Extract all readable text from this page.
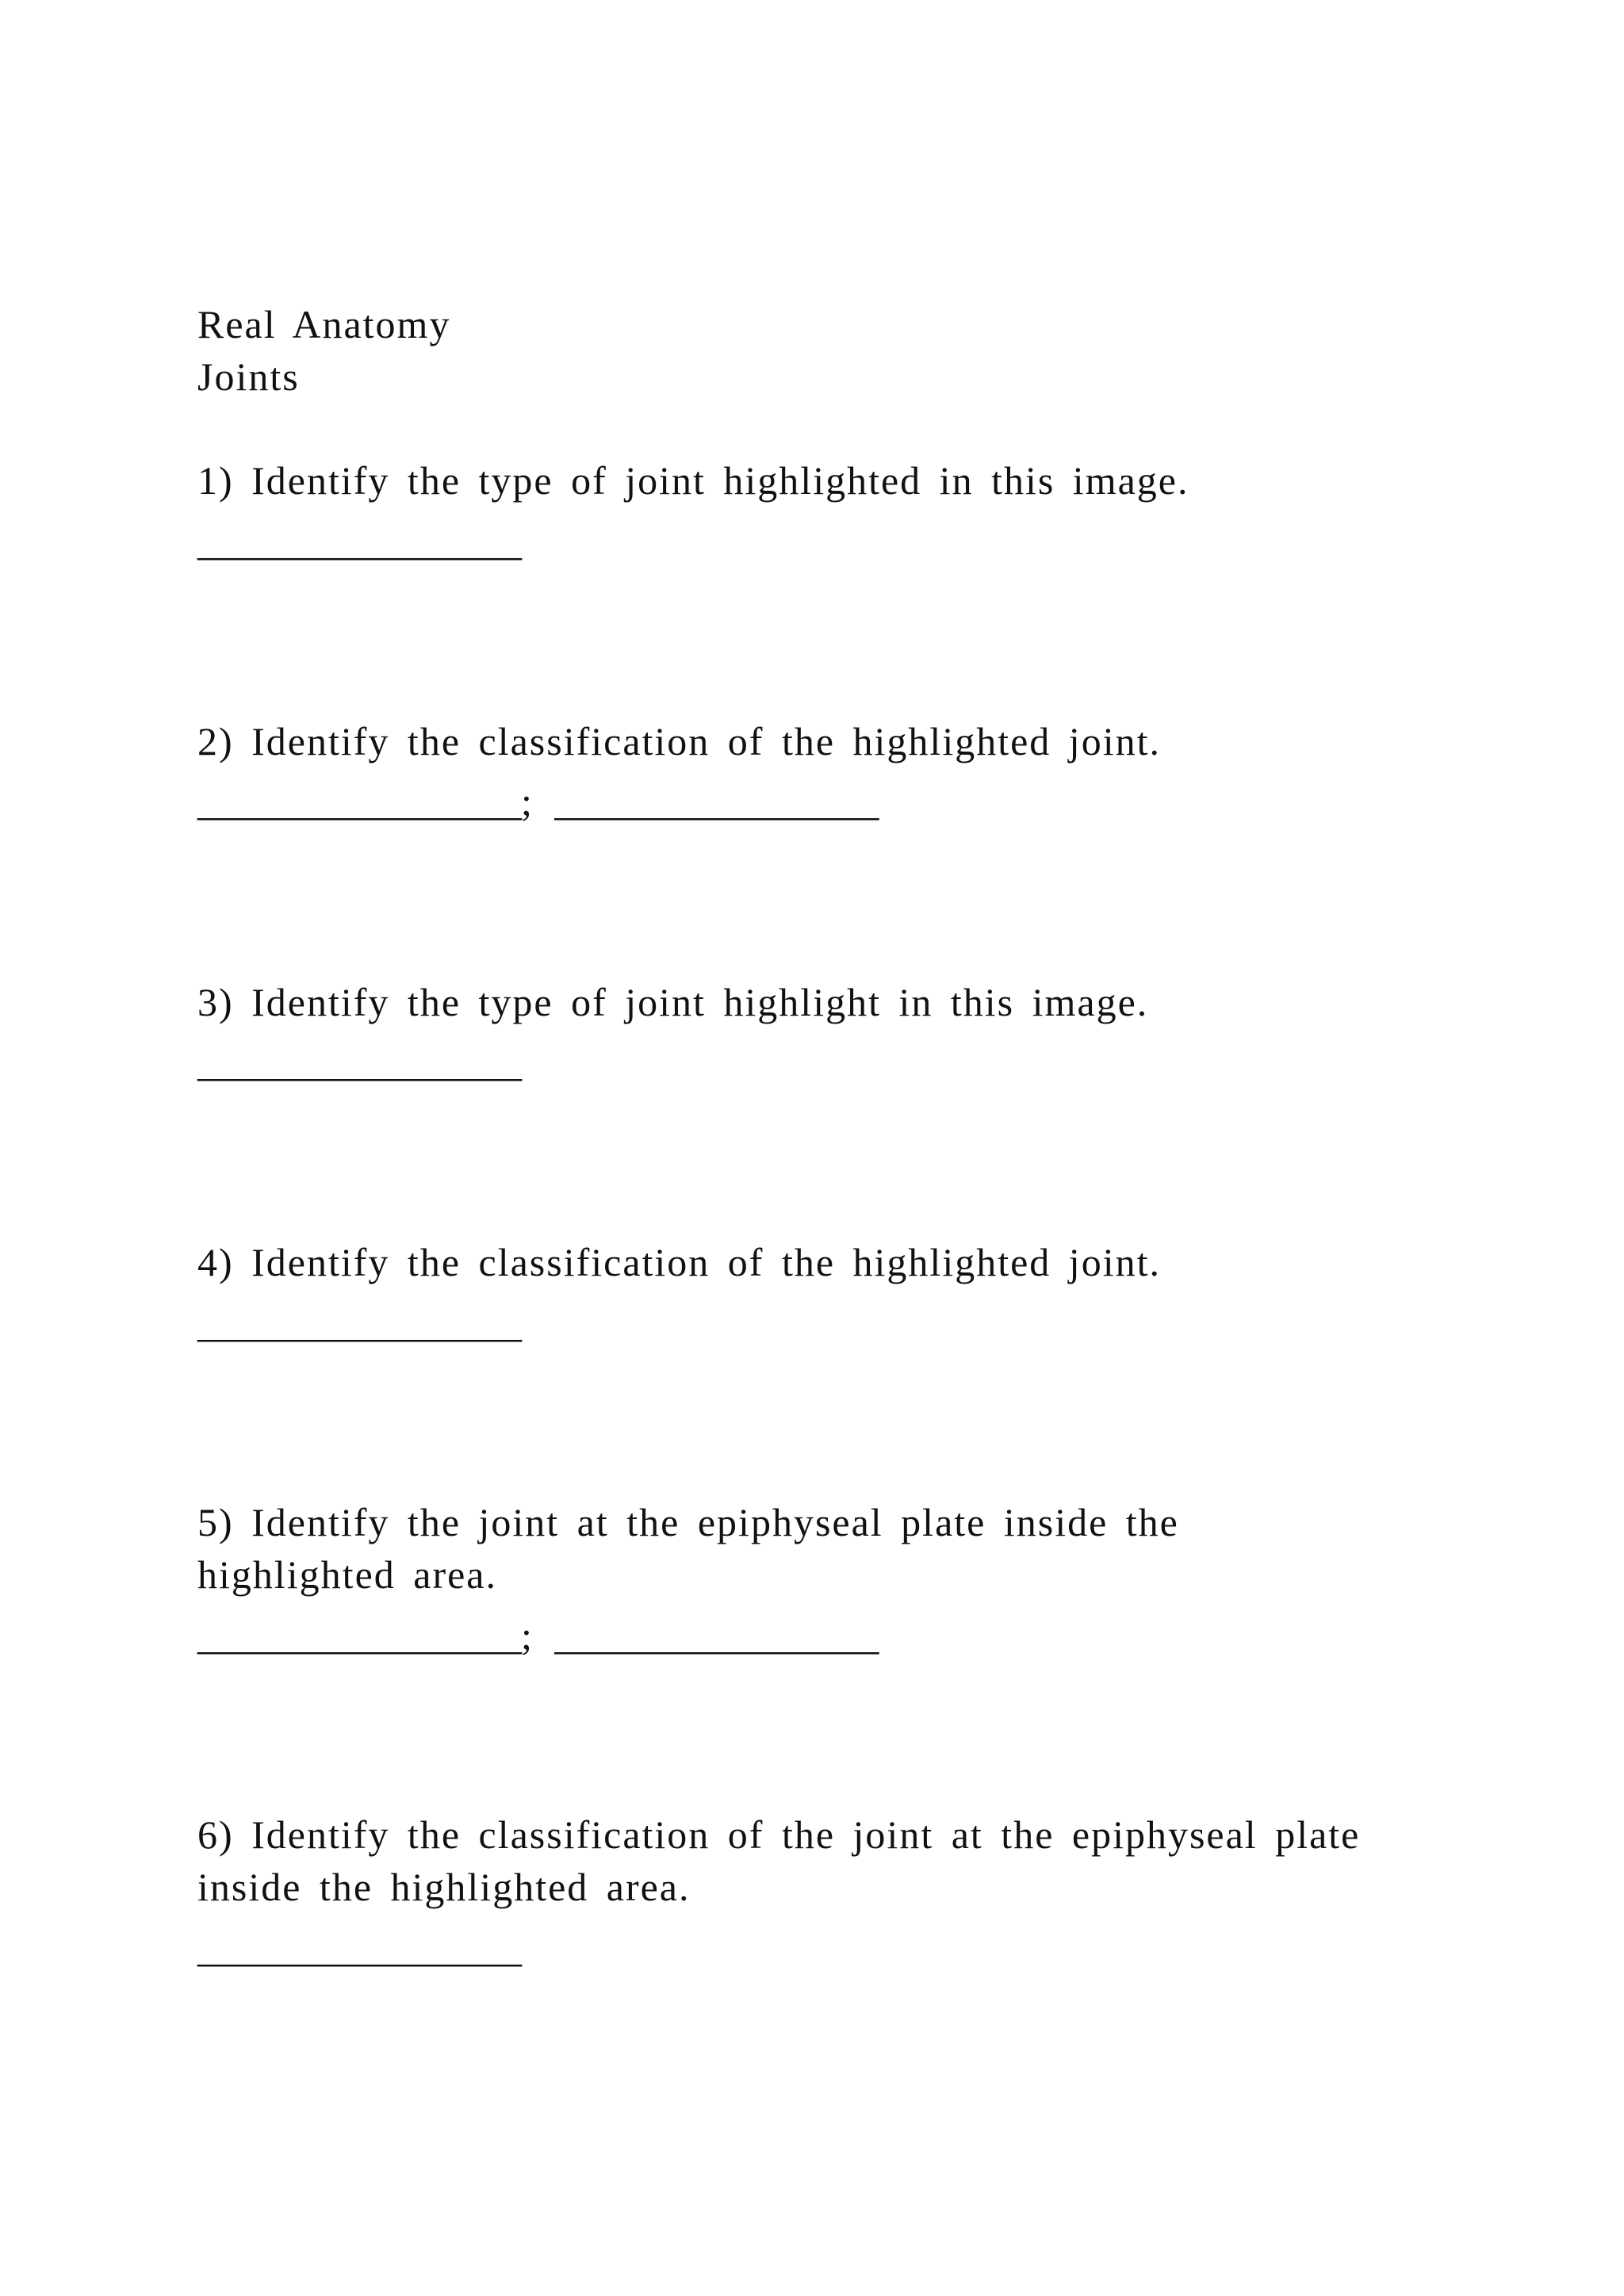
Real Anatomy
Joints
1) Identify the type of joint highlighted in this image.
_________________
2) Identify the classification of the highlighted joint.
_________________; _________________
3) Identify the type of joint highlight in this image.
_________________
4) Identify the classification of the highlighted joint.
_________________
5) Identify the joint at the epiphyseal plate inside the
highlighted area.
_________________; _________________
6) Identify the classification of the joint at the epiphyseal plate
inside the highlighted area.
_________________
